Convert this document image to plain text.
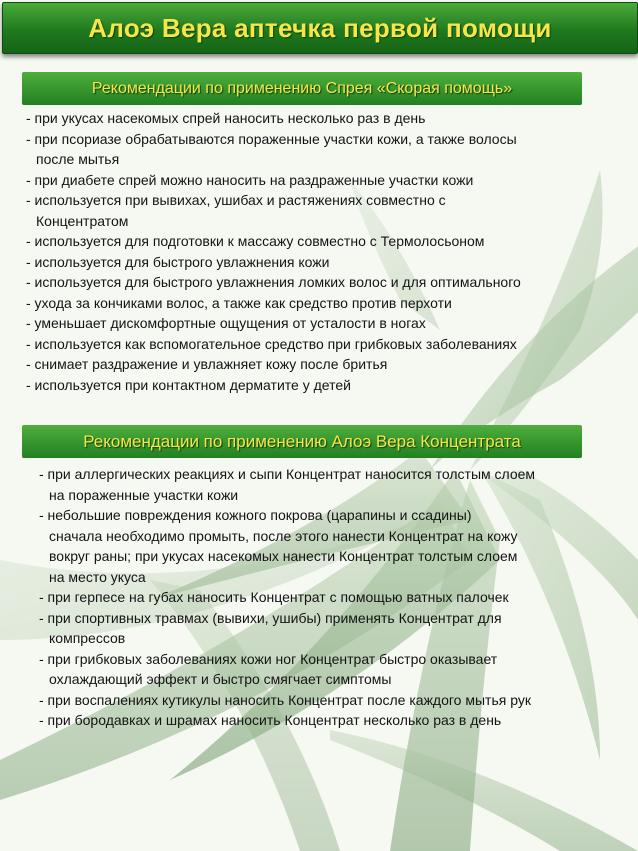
Алоэ Вера аптечка первой помощи
Рекомендации по применению Спрея «Скорая помощь»
- при укусах насекомых спрей наносить несколько раз в день
- при псориазе обрабатываются пораженные участки кожи, а также волосы
после мытья
- при диабете спрей можно наносить на раздраженные участки кожи
- используется при вывихах, ушибах и растяжениях совместно с
Концентратом
- используется для подготовки к массажу совместно с Термолосьоном
- используется для быстрого увлажнения кожи
- используется для быстрого увлажнения ломких волос и для оптимального
- ухода за кончиками волос, а также как средство против перхоти
- уменьшает дискомфортные ощущения от усталости в ногах
- используется как вспомогательное средство при грибковых заболеваниях
- снимает раздражение и увлажняет кожу после бритья
- используется при контактном дерматите у детей
Рекомендации по применению Алоэ Вера Концентрата
- при аллергических реакциях и сыпи Концентрат наносится толстым слоем
на пораженные участки кожи
- небольшие повреждения кожного покрова (царапины и ссадины)
сначала необходимо промыть, после этого нанести Концентрат на кожу
вокруг раны; при укусах насекомых нанести Концентрат толстым слоем
на место укуса
- при герпесе на губах наносить Концентрат с помощью ватных палочек
- при спортивных травмах (вывихи, ушибы) применять Концентрат для
компрессов
- при грибковых заболеваниях кожи ног Концентрат быстро оказывает
охлаждающий эффект и быстро смягчает симптомы
- при воспалениях кутикулы наносить Концентрат после каждого мытья рук
- при бородавках и шрамах наносить Концентрат несколько раз в день
